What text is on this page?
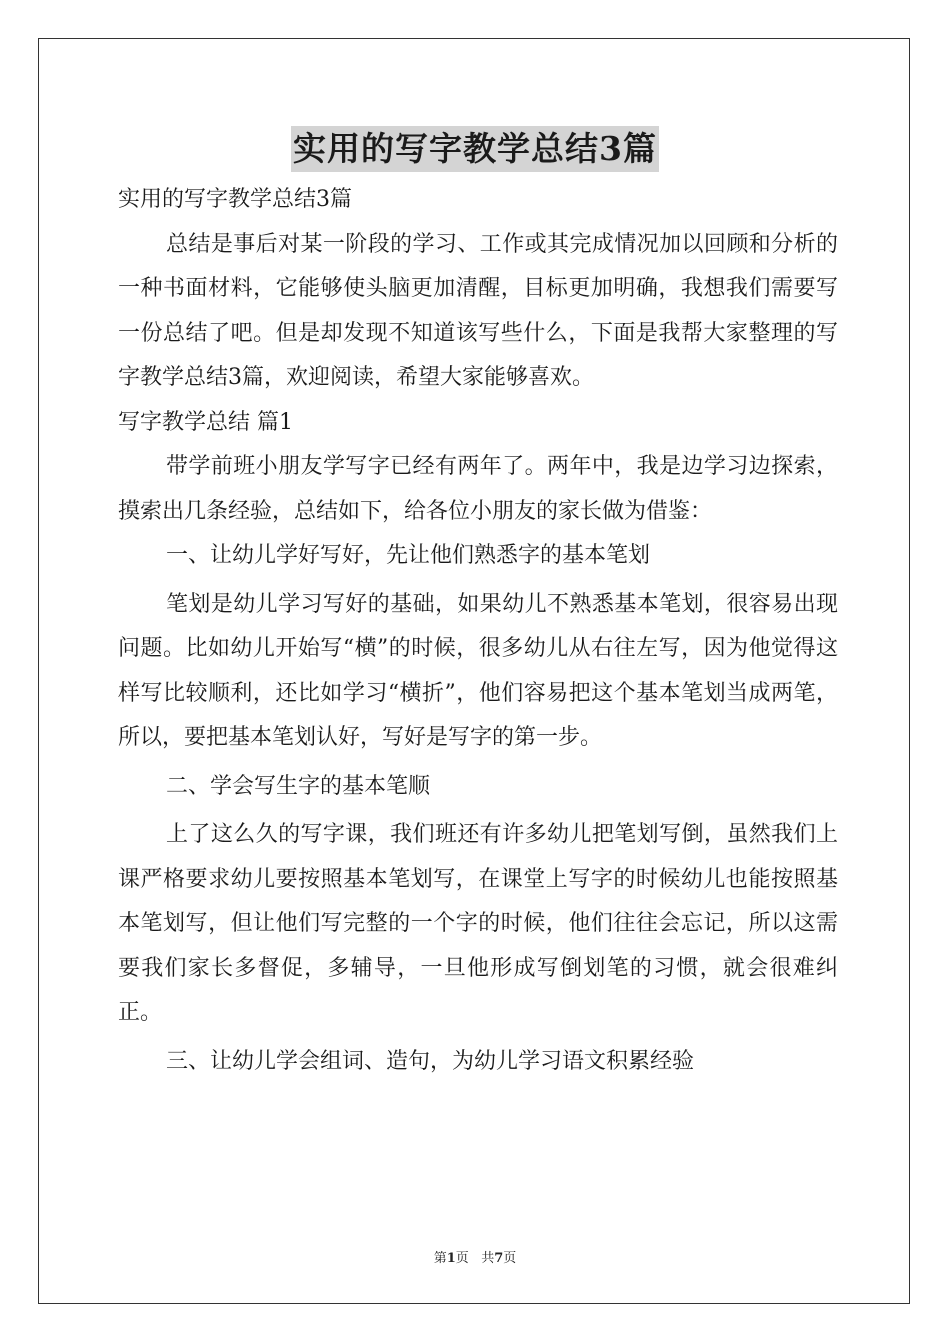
实用的写字教学总结3篇

实用的写字教学总结3篇

总结是事后对某一阶段的学习、工作或其完成情况加以回顾和分析的一种书面材料，它能够使头脑更加清醒，目标更加明确，我想我们需要写一份总结了吧。但是却发现不知道该写些什么，下面是我帮大家整理的写字教学总结3篇，欢迎阅读，希望大家能够喜欢。

写字教学总结 篇1

带学前班小朋友学写字已经有两年了。两年中，我是边学习边探索，摸索出几条经验，总结如下，给各位小朋友的家长做为借鉴：

一、让幼儿学好写好，先让他们熟悉字的基本笔划

笔划是幼儿学习写好的基础，如果幼儿不熟悉基本笔划，很容易出现问题。比如幼儿开始写“横”的时候，很多幼儿从右往左写，因为他觉得这样写比较顺利，还比如学习“横折”，他们容易把这个基本笔划当成两笔，所以，要把基本笔划认好，写好是写字的第一步。

二、学会写生字的基本笔顺

上了这么久的写字课，我们班还有许多幼儿把笔划写倒，虽然我们上课严格要求幼儿要按照基本笔划写，在课堂上写字的时候幼儿也能按照基本笔划写，但让他们写完整的一个字的时候，他们往往会忘记，所以这需要我们家长多督促，多辅导，一旦他形成写倒划笔的习惯，就会很难纠正。

三、让幼儿学会组词、造句，为幼儿学习语文积累经验

第1页   共7页
